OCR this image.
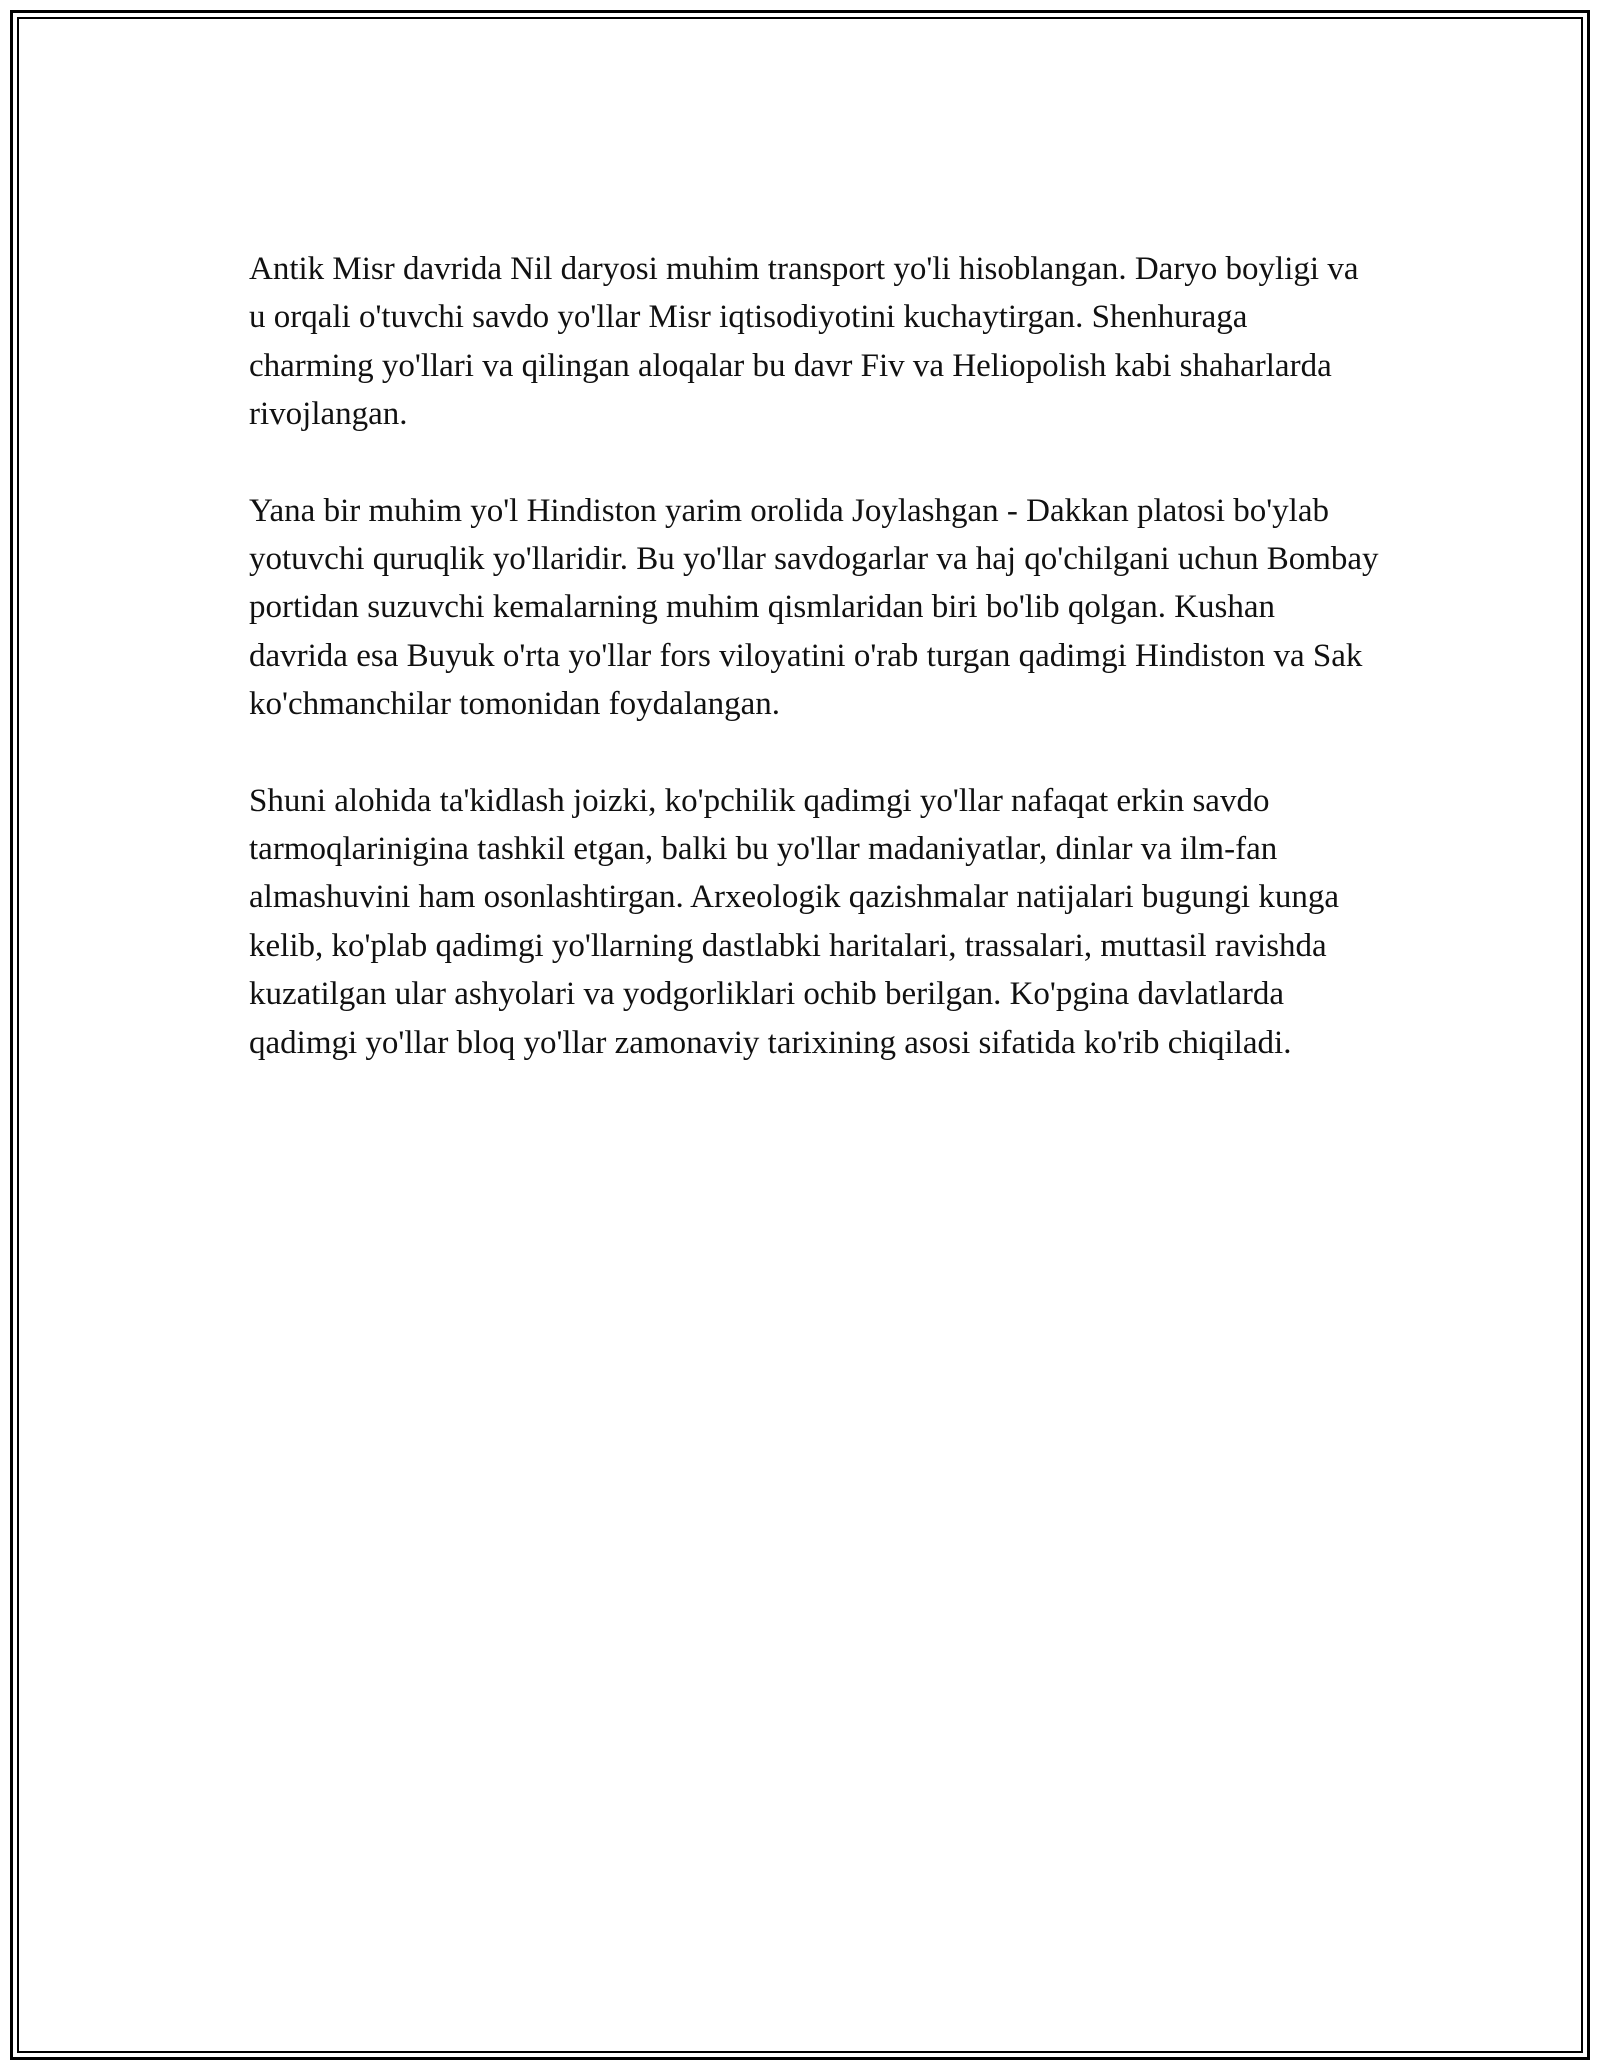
Antik Misr davrida Nil daryosi muhim transport yo'li hisoblangan. Daryo boyligi va u orqali o'tuvchi savdo yo'llar Misr iqtisodiyotini kuchaytirgan. Shenhuraga charming yo'llari va qilingan aloqalar bu davr Fiv va Heliopolish kabi shaharlarda rivojlangan.

Yana bir muhim yo'l Hindiston yarim orolida Joylashgan - Dakkan platosi bo'ylab yotuvchi quruqlik yo'llaridir. Bu yo'llar savdogarlar va haj qo'chilgani uchun Bombay portidan suzuvchi kemalarning muhim qismlaridan biri bo'lib qolgan. Kushan davrida esa Buyuk o'rta yo'llar fors viloyatini o'rab turgan qadimgi Hindiston va Sak ko'chmanchilar tomonidan foydalangan.

Shuni alohida ta'kidlash joizki, ko'pchilik qadimgi yo'llar nafaqat erkin savdo tarmoqlarinigina tashkil etgan, balki bu yo'llar madaniyatlar, dinlar va ilm-fan almashuvini ham osonlashtirgan. Arxeologik qazishmalar natijalari bugungi kunga kelib, ko'plab qadimgi yo'llarning dastlabki haritalari, trassalari, muttasil ravishda kuzatilgan ular ashyolari va yodgorliklari ochib berilgan. Ko'pgina davlatlarda qadimgi yo'llar bloq yo'llar zamonaviy tarixining asosi sifatida ko'rib chiqiladi.
